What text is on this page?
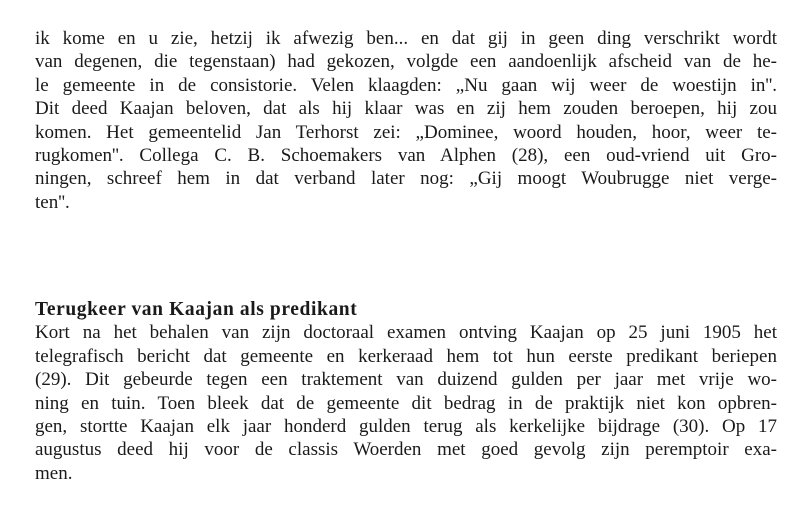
ik kome en u zie, hetzij ik afwezig ben... en dat gij in geen ding verschrikt wordt
van degenen, die tegenstaan) had gekozen, volgde een aandoenlijk afscheid van de he-
le gemeente in de consistorie. Velen klaagden: „Nu gaan wij weer de woestijn in''.
Dit deed Kaajan beloven, dat als hij klaar was en zij hem zouden beroepen, hij zou
komen. Het gemeentelid Jan Terhorst zei: „Dominee, woord houden, hoor, weer te-
rugkomen''. Collega C. B. Schoemakers van Alphen (28), een oud-vriend uit Gro-
ningen, schreef hem in dat verband later nog: „Gij moogt Woubrugge niet verge-
ten''.
Terugkeer van Kaajan als predikant
Kort na het behalen van zijn doctoraal examen ontving Kaajan op 25 juni 1905 het
telegrafisch bericht dat gemeente en kerkeraad hem tot hun eerste predikant beriepen
(29). Dit gebeurde tegen een traktement van duizend gulden per jaar met vrije wo-
ning en tuin. Toen bleek dat de gemeente dit bedrag in de praktijk niet kon opbren-
gen, stortte Kaajan elk jaar honderd gulden terug als kerkelijke bijdrage (30). Op 17
augustus deed hij voor de classis Woerden met goed gevolg zijn peremptoir exa-
men.
